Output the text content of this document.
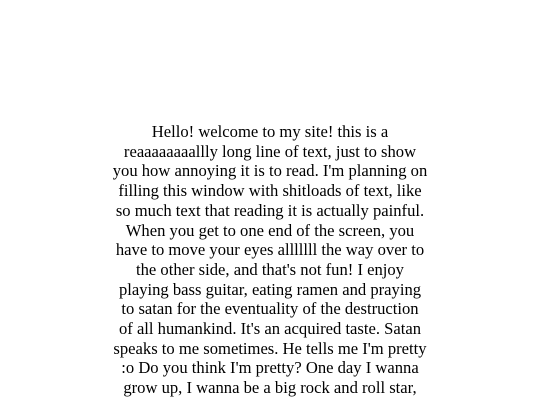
Hello! welcome to my site! this is a
reaaaaaaaallly long line of text, just to show
you how annoying it is to read. I'm planning on
filling this window with shitloads of text, like
so much text that reading it is actually painful.
When you get to one end of the screen, you
have to move your eyes alllllll the way over to
the other side, and that's not fun! I enjoy
playing bass guitar, eating ramen and praying
to satan for the eventuality of the destruction
of all humankind. It's an acquired taste. Satan
speaks to me sometimes. He tells me I'm pretty
:o Do you think I'm pretty? One day I wanna
grow up, I wanna be a big rock and roll star,
